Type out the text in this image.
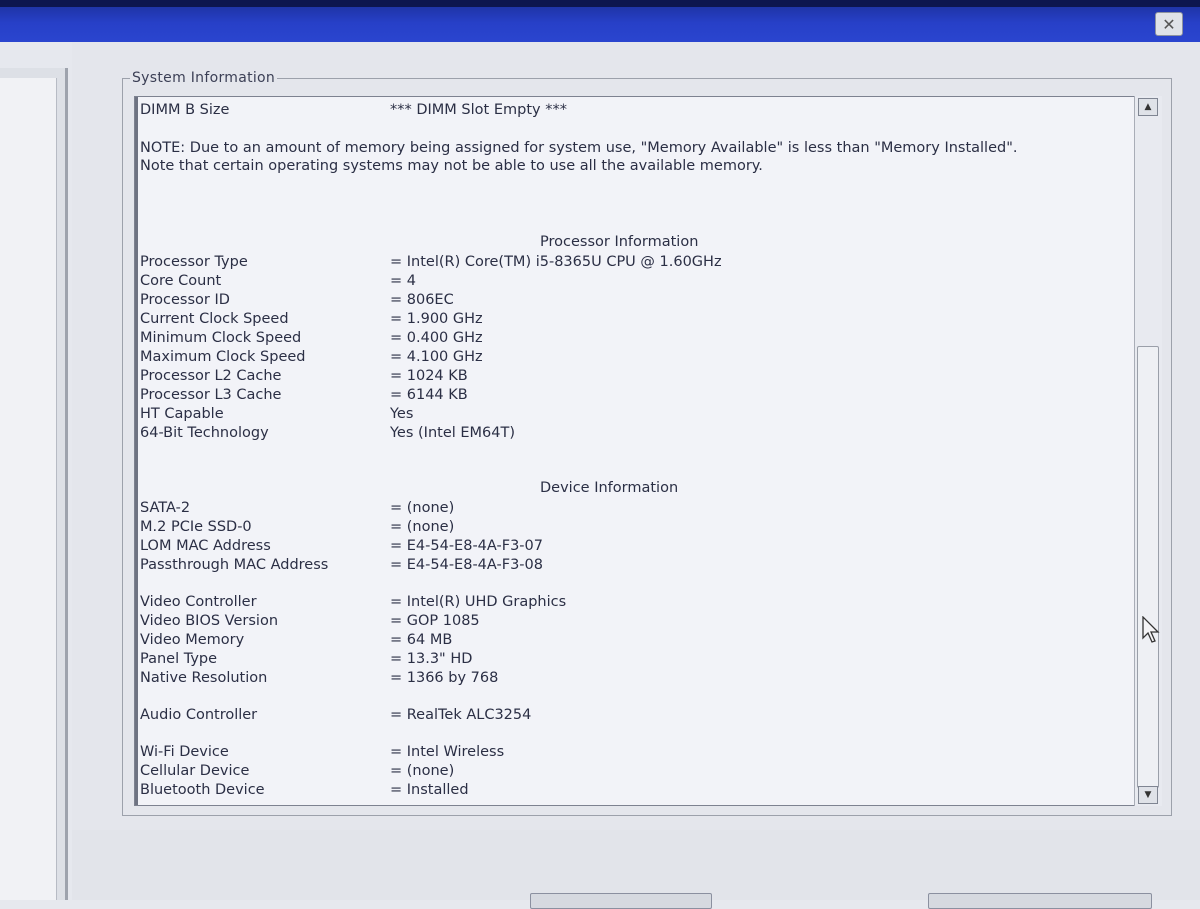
✕
System Information
DIMM B Size	*** DIMM Slot Empty ***
NOTE: Due to an amount of memory being assigned for system use, "Memory Available" is less than "Memory Installed". Note that certain operating systems may not be able to use all the available memory.
Processor Information
Processor Type	= Intel(R) Core(TM) i5-8365U CPU @ 1.60GHz
Core Count	= 4
Processor ID	= 806EC
Current Clock Speed	= 1.900 GHz
Minimum Clock Speed	= 0.400 GHz
Maximum Clock Speed	= 4.100 GHz
Processor L2 Cache	= 1024 KB
Processor L3 Cache	= 6144 KB
HT Capable	Yes
64-Bit Technology	Yes (Intel EM64T)
Device Information
SATA-2	= (none)
M.2 PCIe SSD-0	= (none)
LOM MAC Address	= E4-54-E8-4A-F3-07
Passthrough MAC Address	= E4-54-E8-4A-F3-08
Video Controller	= Intel(R) UHD Graphics
Video BIOS Version	= GOP 1085
Video Memory	= 64 MB
Panel Type	= 13.3" HD
Native Resolution	= 1366 by 768
Audio Controller	= RealTek ALC3254
Wi-Fi Device	= Intel Wireless
Cellular Device	= (none)
Bluetooth Device	= Installed
▲
▼
